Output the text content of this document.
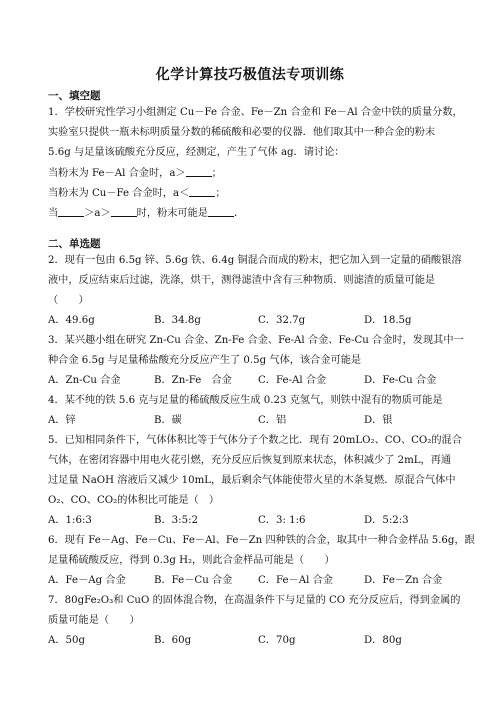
化学计算技巧极值法专项训练
一、填空题
1．学校研究性学习小组测定 Cu－Fe 合金、Fe－Zn 合金和 Fe－Al 合金中铁的质量分数，
实验室只提供一瓶未标明质量分数的稀硫酸和必要的仪器．他们取其中一种合金的粉末
5.6g 与足量该硫酸充分反应，经测定，产生了气体 ag．请讨论：
当粉末为 Fe－Al 合金时，a＞	；
当粉末为 Cu－Fe 合金时，a＜	；
当	＞a＞	时，粉末可能是	．
二、单选题
2．现有一包由 6.5g 锌、5.6g 铁、6.4g 铜混合而成的粉末，把它加入到一定量的硝酸银溶
液中，反应结束后过滤，洗涤，烘干，测得滤渣中含有三种物质．则滤渣的质量可能是
（　　）
A．49.6g	B．34.8g	C．32.7g	D．18.5g
3．某兴趣小组在研究 Zn-Cu 合金、Zn-Fe 合金、Fe-Al 合金、Fe-Cu 合金时，发现其中一
种合金 6.5g 与足量稀盐酸充分反应产生了 0.5g 气体，该合金可能是
A．Zn-Cu 合金	B．Zn-Fe　合金	C．Fe-Al 合金	D．Fe-Cu 合金
4．某不纯的铁 5.6 克与足量的稀硫酸反应生成 0.23 克氢气，则铁中混有的物质可能是
A．锌	B．碳	C．铝	D．银
5．已知相同条件下，气体体积比等于气体分子个数之比．现有 20mLO₂、CO、CO₂的混合
气体，在密闭容器中用电火花引燃，充分反应后恢复到原来状态，体积减少了 2mL，再通
过足量 NaOH 溶液后又减少 10mL，最后剩余气体能使带火星的木条复燃．原混合气体中
O₂、CO、CO₂的体积比可能是（　）
A．1:6:3	B．3:5:2	C．3: 1:6	D．5:2:3
6．现有 Fe－Ag、Fe－Cu、Fe－Al、Fe－Zn 四种铁的合金，取其中一种合金样品 5.6g，跟
足量稀硫酸反应，得到 0.3g H₂，则此合金样品可能是（　　）
A．Fe－Ag 合金	B．Fe－Cu 合金	C．Fe－Al 合金	D．Fe－Zn 合金
7．80gFe₂O₃和 CuO 的固体混合物，在高温条件下与足量的 CO 充分反应后，得到金属的
质量可能是（　　）
A．50g	B．60g	C．70g	D．80g
